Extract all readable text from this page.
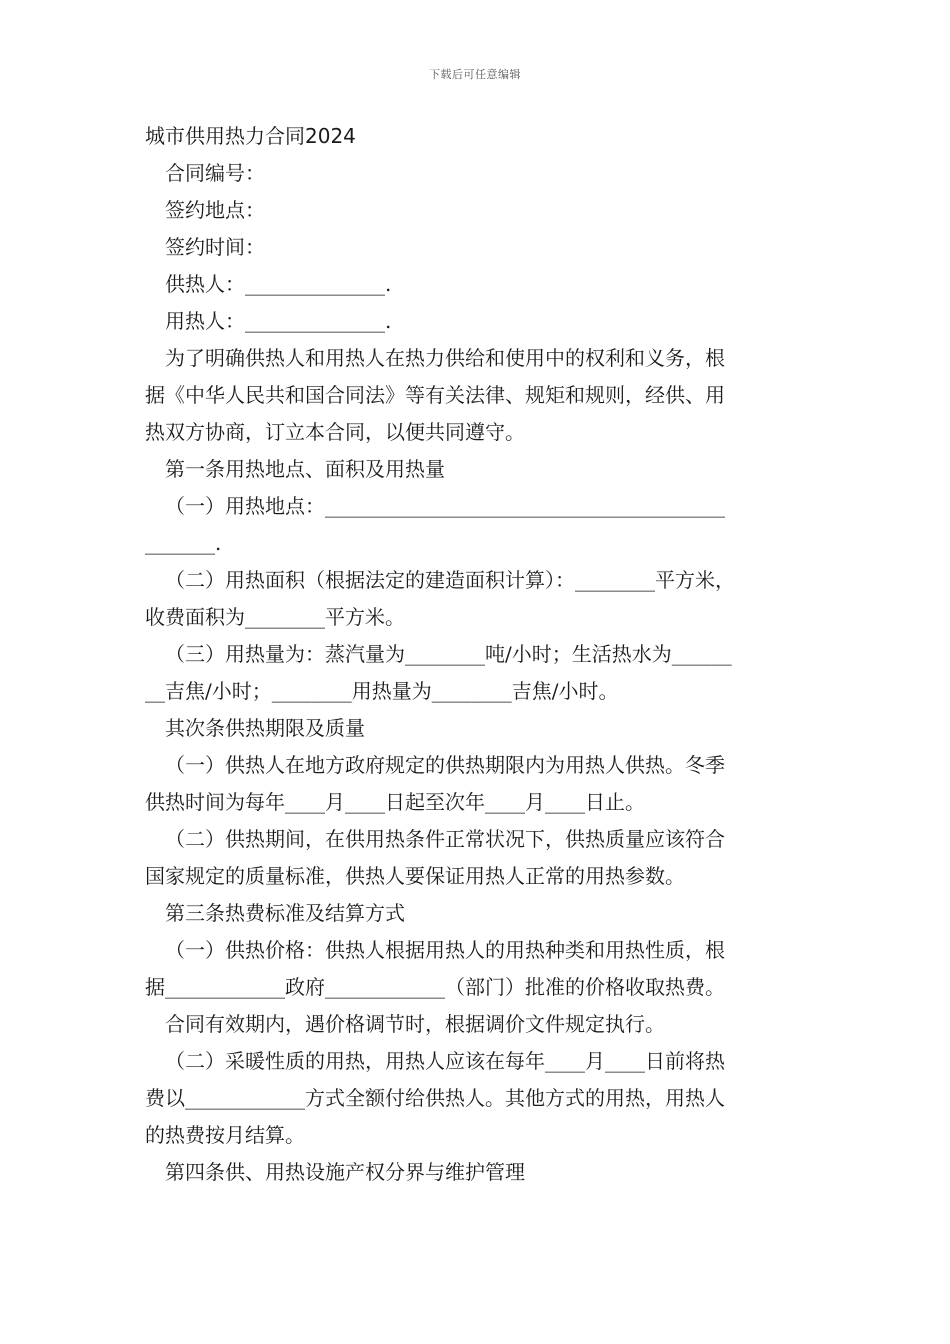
下载后可任意编辑
城市供用热力合同2024
合同编号：
签约地点：
签约时间：
供热人：______________.
用热人：______________.
为了明确供热人和用热人在热力供给和使用中的权利和义务，根
据《中华人民共和国合同法》等有关法律、规矩和规则，经供、用
热双方协商，订立本合同，以便共同遵守。
第一条用热地点、面积及用热量
（一）用热地点：________________________________________
_______.
（二）用热面积（根据法定的建造面积计算）：________平方米，
收费面积为________平方米。
（三）用热量为：蒸汽量为________吨/小时；生活热水为______
__吉焦/小时；________用热量为________吉焦/小时。
其次条供热期限及质量
（一）供热人在地方政府规定的供热期限内为用热人供热。冬季
供热时间为每年____月____日起至次年____月____日止。
（二）供热期间，在供用热条件正常状况下，供热质量应该符合
国家规定的质量标准，供热人要保证用热人正常的用热参数。
第三条热费标准及结算方式
（一）供热价格：供热人根据用热人的用热种类和用热性质，根
据____________政府____________（部门）批准的价格收取热费。
合同有效期内，遇价格调节时，根据调价文件规定执行。
（二）采暖性质的用热，用热人应该在每年____月____日前将热
费以____________方式全额付给供热人。其他方式的用热，用热人
的热费按月结算。
第四条供、用热设施产权分界与维护管理
